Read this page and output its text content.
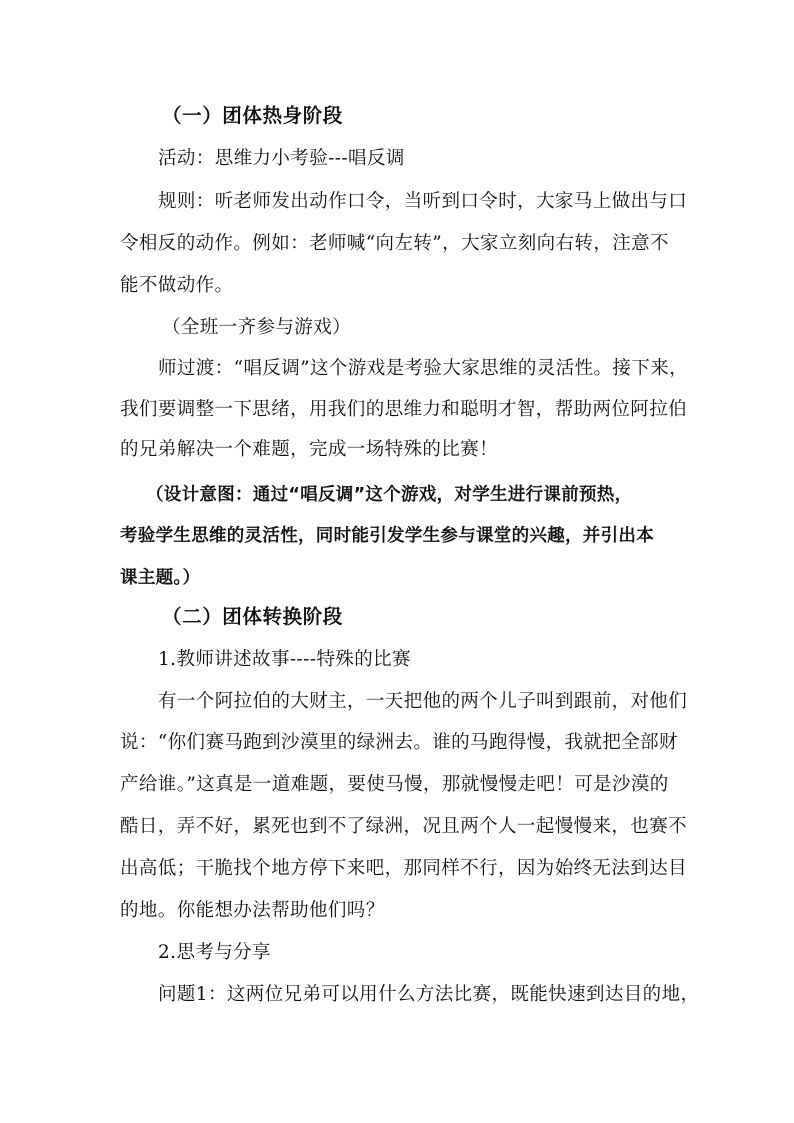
（一）团体热身阶段
活动：思维力小考验---唱反调
规则：听老师发出动作口令，当听到口令时，大家马上做出与口
令相反的动作。例如：老师喊“向左转”，大家立刻向右转，注意不
能不做动作。
（全班一齐参与游戏）
师过渡：“唱反调”这个游戏是考验大家思维的灵活性。接下来，
我们要调整一下思绪，用我们的思维力和聪明才智，帮助两位阿拉伯
的兄弟解决一个难题，完成一场特殊的比赛！
（设计意图：通过“唱反调”这个游戏，对学生进行课前预热，
考验学生思维的灵活性，同时能引发学生参与课堂的兴趣，并引出本
课主题。）
（二）团体转换阶段
1.教师讲述故事----特殊的比赛
有一个阿拉伯的大财主，一天把他的两个儿子叫到跟前，对他们
说：“你们赛马跑到沙漠里的绿洲去。谁的马跑得慢，我就把全部财
产给谁。”这真是一道难题，要使马慢，那就慢慢走吧！可是沙漠的
酷日，弄不好，累死也到不了绿洲，况且两个人一起慢慢来，也赛不
出高低；干脆找个地方停下来吧，那同样不行，因为始终无法到达目
的地。你能想办法帮助他们吗？
2.思考与分享
问题1：这两位兄弟可以用什么方法比赛，既能快速到达目的地，
